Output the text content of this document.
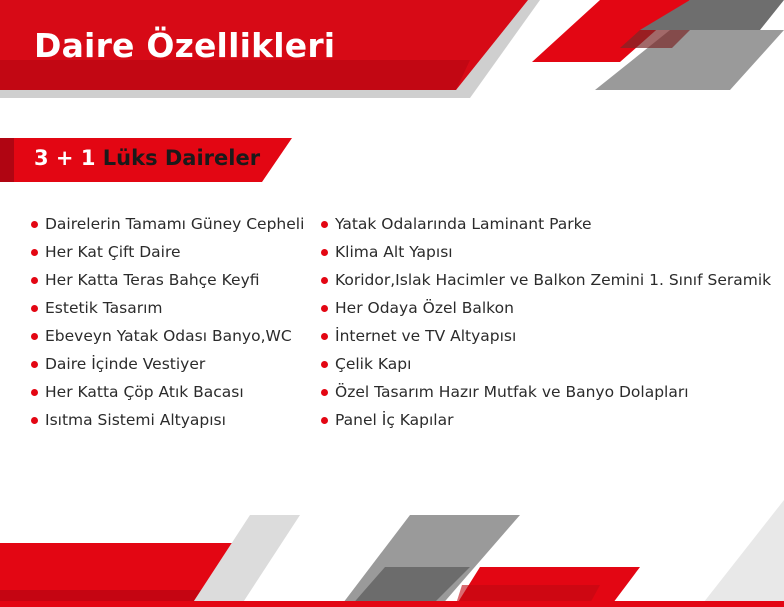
Daire Özellikleri
3 + 1 Lüks Daireler
Dairelerin Tamamı Güney Cepheli
Her Kat Çift Daire
Her Katta Teras Bahçe Keyfi
Estetik Tasarım
Ebeveyn Yatak Odası Banyo,WC
Daire İçinde Vestiyer
Her Katta Çöp Atık Bacası
Isıtma Sistemi Altyapısı
Yatak Odalarında Laminant Parke
Klima Alt Yapısı
Koridor,Islak Hacimler ve Balkon Zemini 1. Sınıf Seramik
Her Odaya Özel Balkon
İnternet ve TV Altyapısı
Çelik Kapı
Özel Tasarım Hazır Mutfak ve Banyo Dolapları
Panel İç Kapılar
